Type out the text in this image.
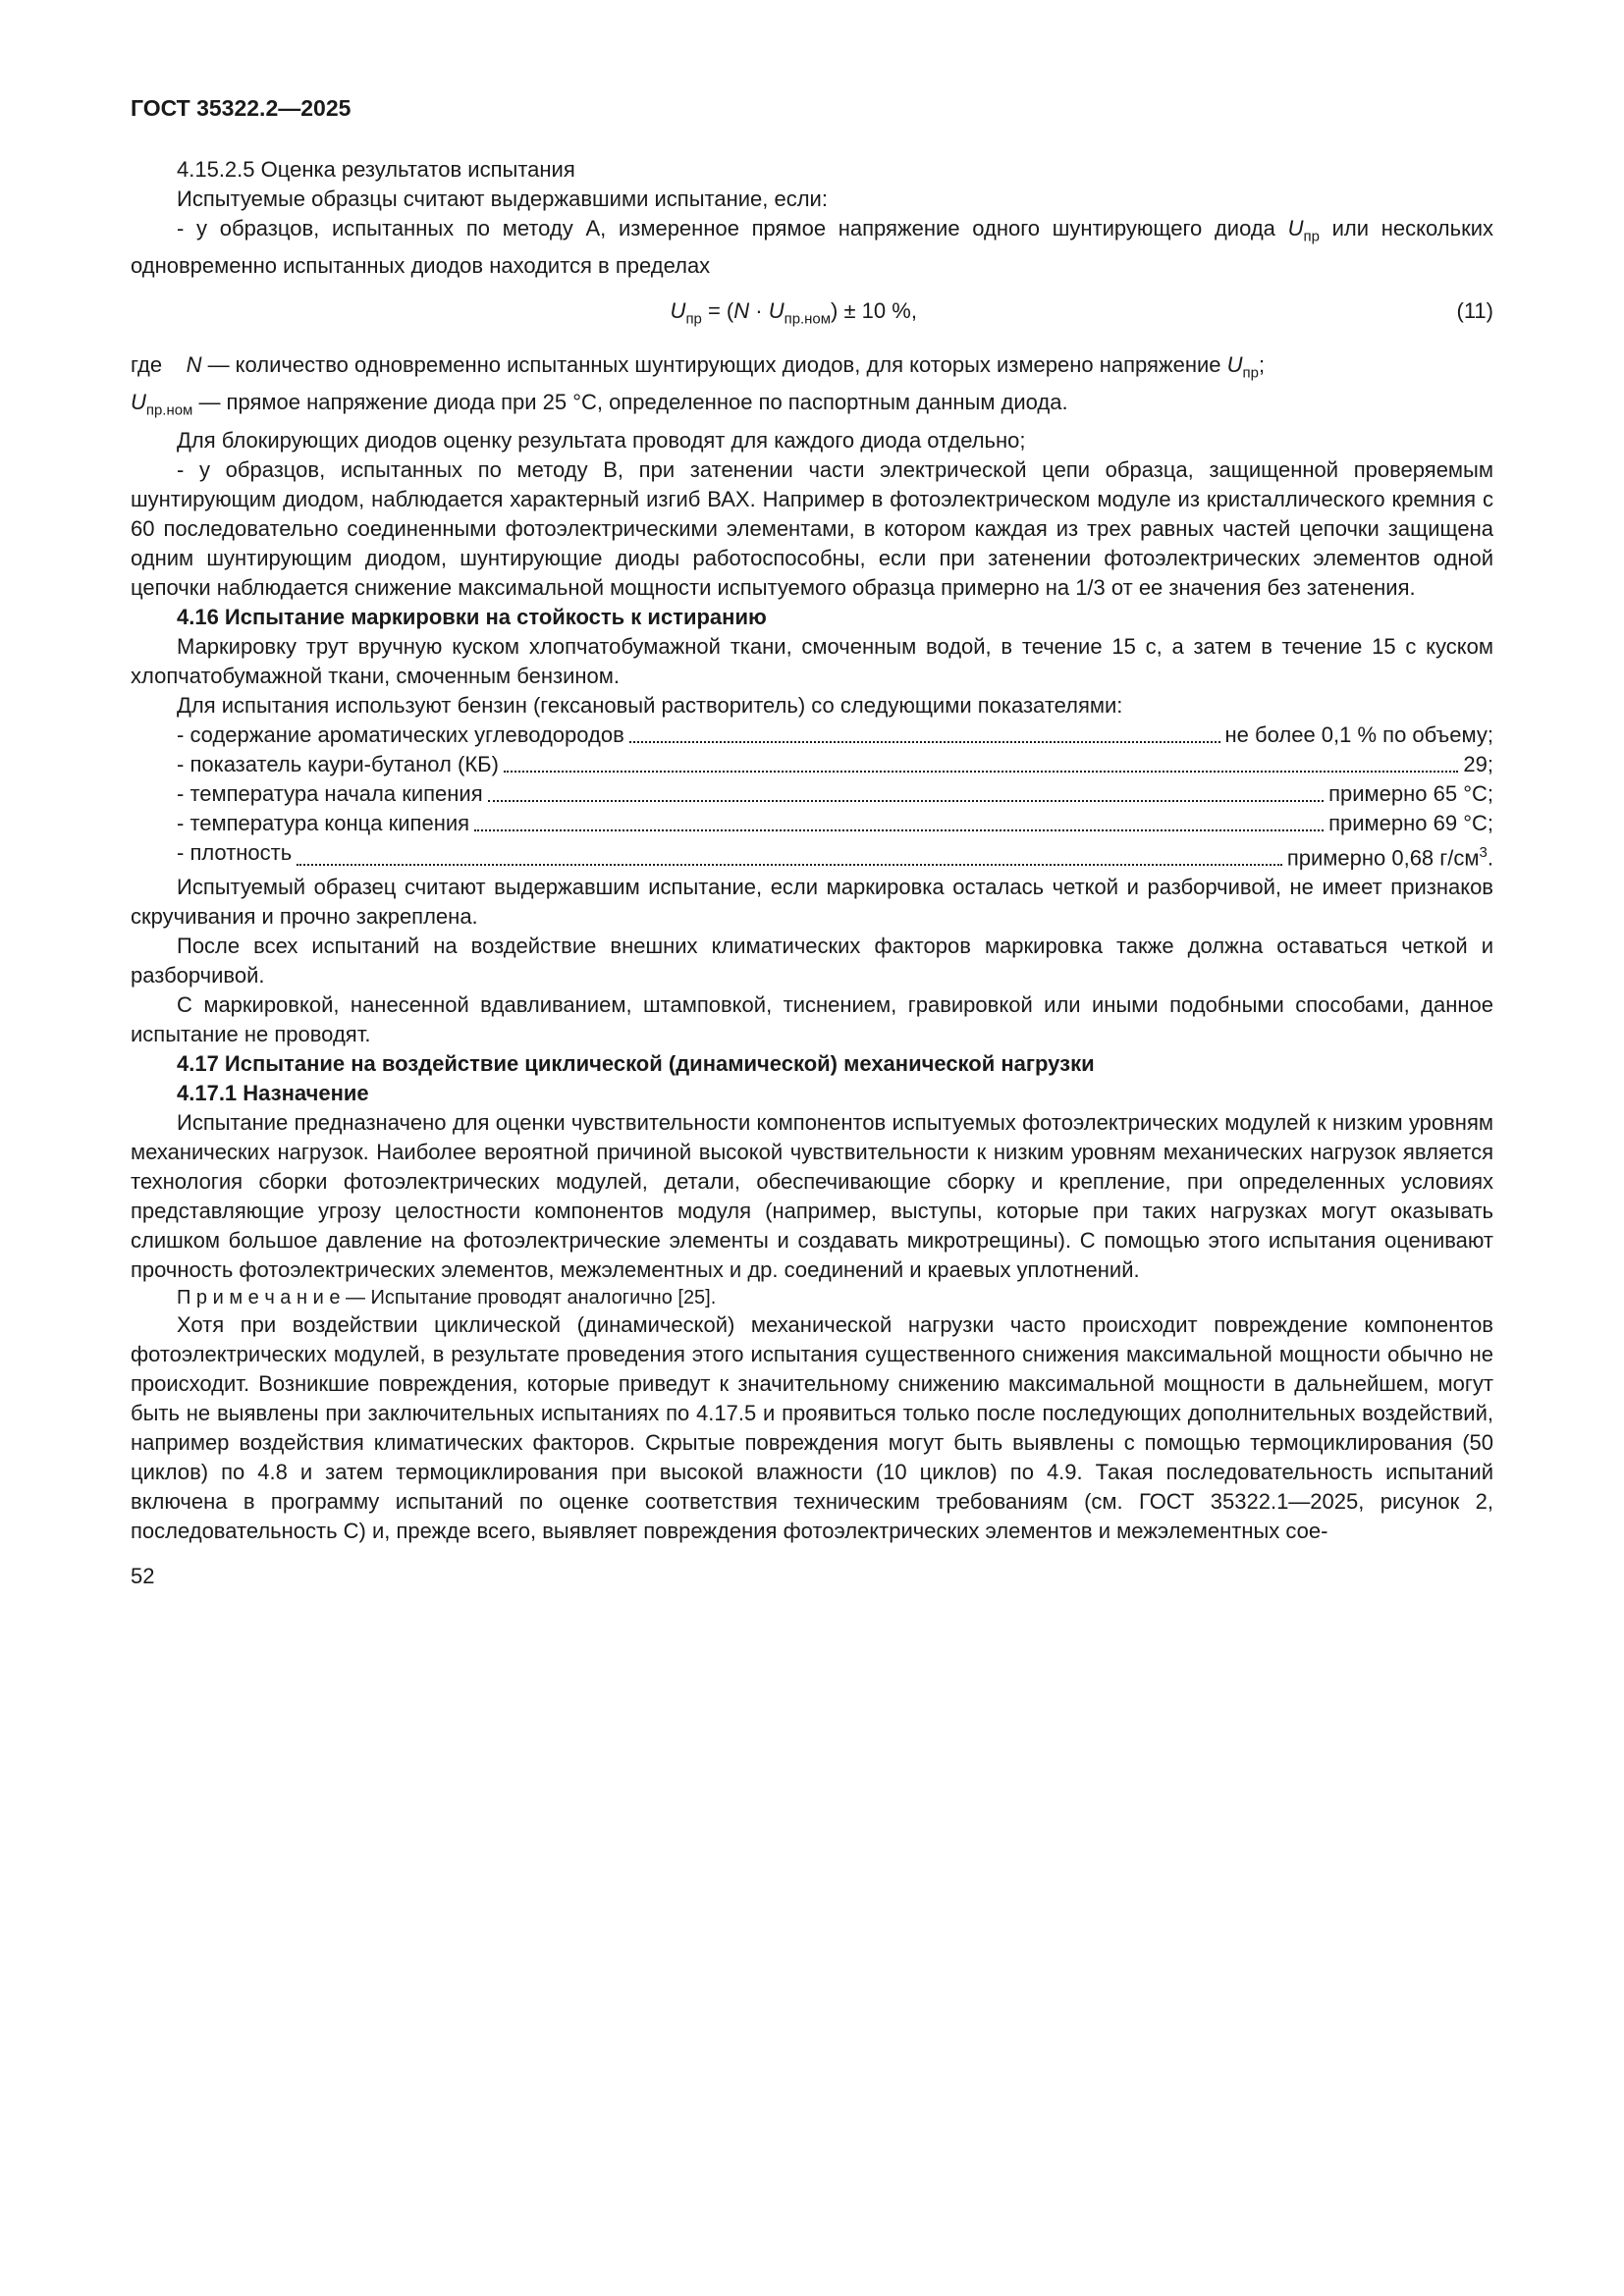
ГОСТ 35322.2—2025

4.15.2.5 Оценка результатов испытания

Испытуемые образцы считают выдержавшими испытание, если:

- у образцов, испытанных по методу А, измеренное прямое напряжение одного шунтирующего диода $U_{пр}$ или нескольких одновременно испытанных диодов находится в пределах

$U_{пр} = (N \cdot U_{пр.ном}) \pm 10$ %,	(11)

где    N — количество одновременно испытанных шунтирующих диодов, для которых измерено напряжение $U_{пр}$;

$U_{пр.ном}$ — прямое напряжение диода при 25 °C, определенное по паспортным данным диода.

Для блокирующих диодов оценку результата проводят для каждого диода отдельно;

- у образцов, испытанных по методу В, при затенении части электрической цепи образца, защищенной проверяемым шунтирующим диодом, наблюдается характерный изгиб ВАХ. Например в фотоэлектрическом модуле из кристаллического кремния с 60 последовательно соединенными фотоэлектрическими элементами, в котором каждая из трех равных частей цепочки защищена одним шунтирующим диодом, шунтирующие диоды работоспособны, если при затенении фотоэлектрических элементов одной цепочки наблюдается снижение максимальной мощности испытуемого образца примерно на 1/3 от ее значения без затенения.

4.16 Испытание маркировки на стойкость к истиранию

Маркировку трут вручную куском хлопчатобумажной ткани, смоченным водой, в течение 15 с, а затем в течение 15 с куском хлопчатобумажной ткани, смоченным бензином.

Для испытания используют бензин (гексановый растворитель) со следующими показателями:

- содержание ароматических углеводородов	не более 0,1 % по объему;
- показатель каури-бутанол (КБ)	29;
- температура начала кипения	примерно 65 °C;
- температура конца кипения	примерно 69 °C;
- плотность	примерно 0,68 $г/см^3$.

Испытуемый образец считают выдержавшим испытание, если маркировка осталась четкой и разборчивой, не имеет признаков скручивания и прочно закреплена.

После всех испытаний на воздействие внешних климатических факторов маркировка также должна оставаться четкой и разборчивой.

С маркировкой, нанесенной вдавливанием, штамповкой, тиснением, гравировкой или иными подобными способами, данное испытание не проводят.

4.17 Испытание на воздействие циклической (динамической) механической нагрузки

4.17.1 Назначение

Испытание предназначено для оценки чувствительности компонентов испытуемых фотоэлектрических модулей к низким уровням механических нагрузок. Наиболее вероятной причиной высокой чувствительности к низким уровням механических нагрузок является технология сборки фотоэлектрических модулей, детали, обеспечивающие сборку и крепление, при определенных условиях представляющие угрозу целостности компонентов модуля (например, выступы, которые при таких нагрузках могут оказывать слишком большое давление на фотоэлектрические элементы и создавать микротрещины). С помощью этого испытания оценивают прочность фотоэлектрических элементов, межэлементных и др. соединений и краевых уплотнений.

П р и м е ч а н и е — Испытание проводят аналогично [25].

Хотя при воздействии циклической (динамической) механической нагрузки часто происходит повреждение компонентов фотоэлектрических модулей, в результате проведения этого испытания существенного снижения максимальной мощности обычно не происходит. Возникшие повреждения, которые приведут к значительному снижению максимальной мощности в дальнейшем, могут быть не выявлены при заключительных испытаниях по 4.17.5 и проявиться только после последующих дополнительных воздействий, например воздействия климатических факторов. Скрытые повреждения могут быть выявлены с помощью термоциклирования (50 циклов) по 4.8 и затем термоциклирования при высокой влажности (10 циклов) по 4.9. Такая последовательность испытаний включена в программу испытаний по оценке соответствия техническим требованиям (см. ГОСТ 35322.1—2025, рисунок 2, последовательность С) и, прежде всего, выявляет повреждения фотоэлектрических элементов и межэлементных сое-

52
